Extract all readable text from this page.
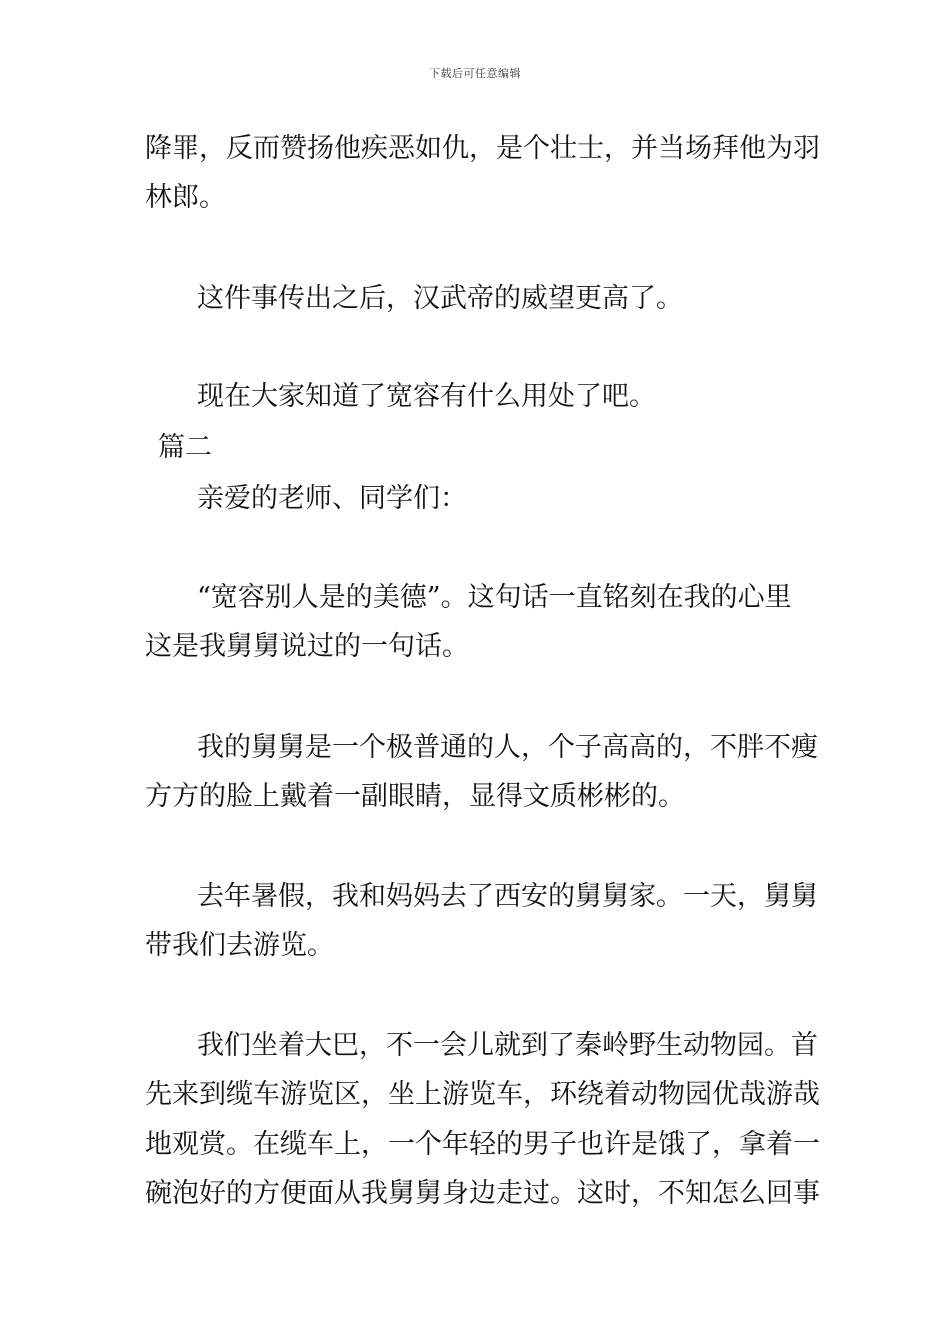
下载后可任意编辑
降罪，反而赞扬他疾恶如仇，是个壮士，并当场拜他为羽
林郎。
这件事传出之后，汉武帝的威望更高了。
现在大家知道了宽容有什么用处了吧。
篇二
亲爱的老师、同学们：
“宽容别人是的美德”。这句话一直铭刻在我的心里
这是我舅舅说过的一句话。
我的舅舅是一个极普通的人，个子高高的，不胖不瘦
方方的脸上戴着一副眼睛，显得文质彬彬的。
去年暑假，我和妈妈去了西安的舅舅家。一天，舅舅
带我们去游览。
我们坐着大巴，不一会儿就到了秦岭野生动物园。首
先来到缆车游览区，坐上游览车，环绕着动物园优哉游哉
地观赏。在缆车上，一个年轻的男子也许是饿了，拿着一
碗泡好的方便面从我舅舅身边走过。这时，不知怎么回事
